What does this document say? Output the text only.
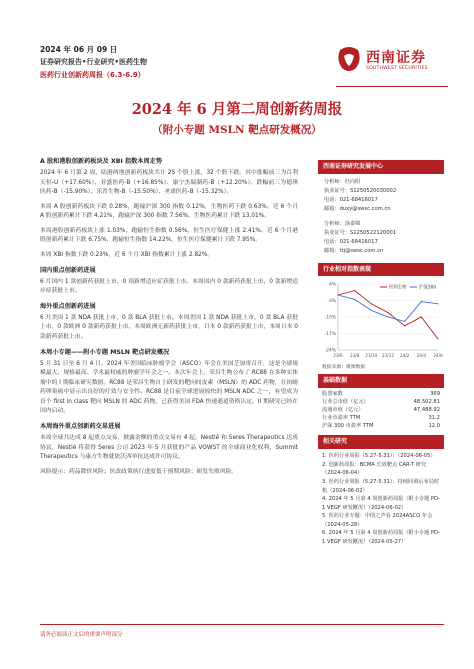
2024 年 06 月 09 日
证券研究报告•行业研究•医药生物
医药行业创新药周报（6.3-6.9）
西南证券
SOUTHWEST SECURITIES
2024 年 6 月第二周创新药周报
（附小专题 MSLN 靶点研发概况）
A 股和港股创新药板块及 XBI 指数本周走势

2024 年 6 月第 2 周，陆港两地创新药板块共计 25 个股上涨，32 个股下跌。其中涨幅前三为百利天恒-U（+17.60%）、亚盛医药-B（+16.85%）、康宁杰瑞制药-B（+12.20%）。跌幅前三为德琪医药-B（-15.90%）、乐普生物-B（-15.50%）、圣诺医药-B（-15.32%）。

本周 A 股创新药板块下跌 0.28%，跑输沪深 300 指数 0.12%，生物医药下跌 0.63%。近 6 个月 A 股创新药累计下跌 4.21%，跑输沪深 300 指数 7.56%，生物医药累计下跌 13.01%。

本周港股创新药板块上涨 1.03%，跑输恒生指数 0.56%，恒生医疗保健上涨 2.41%。近 6 个月港股创新药累计下跌 6.75%，跑输恒生指数 14.22%，恒生医疗保健累计下跌 7.95%。

本周 XBI 指数下跌 0.23%，近 6 个月 XBI 指数累计上涨 2.82%。

国内重点创新药进展

6 月国内 1 款创新药获批上市，0 项新增适应症获批上市。本周国内 0 款新药获批上市，0 款新增适应症获批上市。

海外重点创新药进展

6 月美国 1 款 NDA 获批上市，0 款 BLA 获批上市。本周美国 1 款 NDA 获批上市，0 款 BLA 获批上市，0 款欧洲 0 款新药获批上市，本周欧洲无新药获批上市，日本 0 款新药获批上市，本周日本 0 款新药获批上市。

本周小专题——附小专题 MSLN 靶点研发概况

5 月 31 日至 6 月 4 日，2024 年美国临床肿瘤学会（ASCO）年会在美国芝加哥召开，这是全球规模最大、规格最高、学术最权威的肿瘤学年会之一。本次年会上，荣昌生物公布了 RC88 在多种实体瘤中的 I 期临床研究数据。RC88 是荣昌生物自主研发的靶向间皮素（MSLN）的 ADC 药物，在铂耐药卵巢癌中显示出良好的疗效与安全性。RC88 是目前全球进展较快的 MSLN ADC 之一，有望成为首个 first in class 靶向 MSLN 的 ADC 药物，已获得美国 FDA 快速通道资格认定。II 期研究已经在国内启动。

本周海外重点创新药交易进展

本周全球共达成 8 起重点交易，披露金额的重点交易有 4 起，Nestlé 和 Seres Therapeutics 达成协议，Nestlé 将获得 Seres 公司 2023 年 5 月获批的产品 VOWST 的全球商业化权利，Summit Therapeutics 与康方生物就依沃西单抗达成许可协议。

风险提示：药品降价风险；医改政策执行进度低于预期风险；研发失败风险。

西南证券研究发展中心
分析师：杜向阳
执业证号：S1250520030002
电话：021-68416017
邮箱：duxy@swsc.com.cn
分析师：汤泰锦
执业证号：S1250522120001
电话：021-68416017
邮箱：ttj@swsc.com.cn
行业相对指数表现
4%
-3%
-10%
-17%
-24%
23/6 23/8 23/10 23/12 24/2 24/4 24/6
医药生物	沪深300
数据来源：聚源数据
基础数据
股票家数	369
行业总市值（亿元）	48,502.81
流通市值（亿元）	47,488.92
行业市盈率 TTM	31.2
沪深 300 市盈率 TTM	12.0
相关研究
1. 医药行业周报（5.27-5.31）：（2024-06-05）
2. 创新药周报：BCMA 长效靶点 CAR-T 研究（2024-06-04）
3. 医药行业周报（5.27-5.31）：持续回调后布局时机（2024-06-02）
4. 2024 年 5 月第 4 周创新药周报（附小专题 PD-1 VEGF 研发概况）（2024-06-02）
5. 医药行业专题：中国之声看 2024ASCO 年会（2024-05-28）
6. 2024 年 5 月第 4 周创新药周报（附小专题 PD-1 VEGF 研发概况）（2024-05-27）
请务必阅读正文后的重要声明部分
